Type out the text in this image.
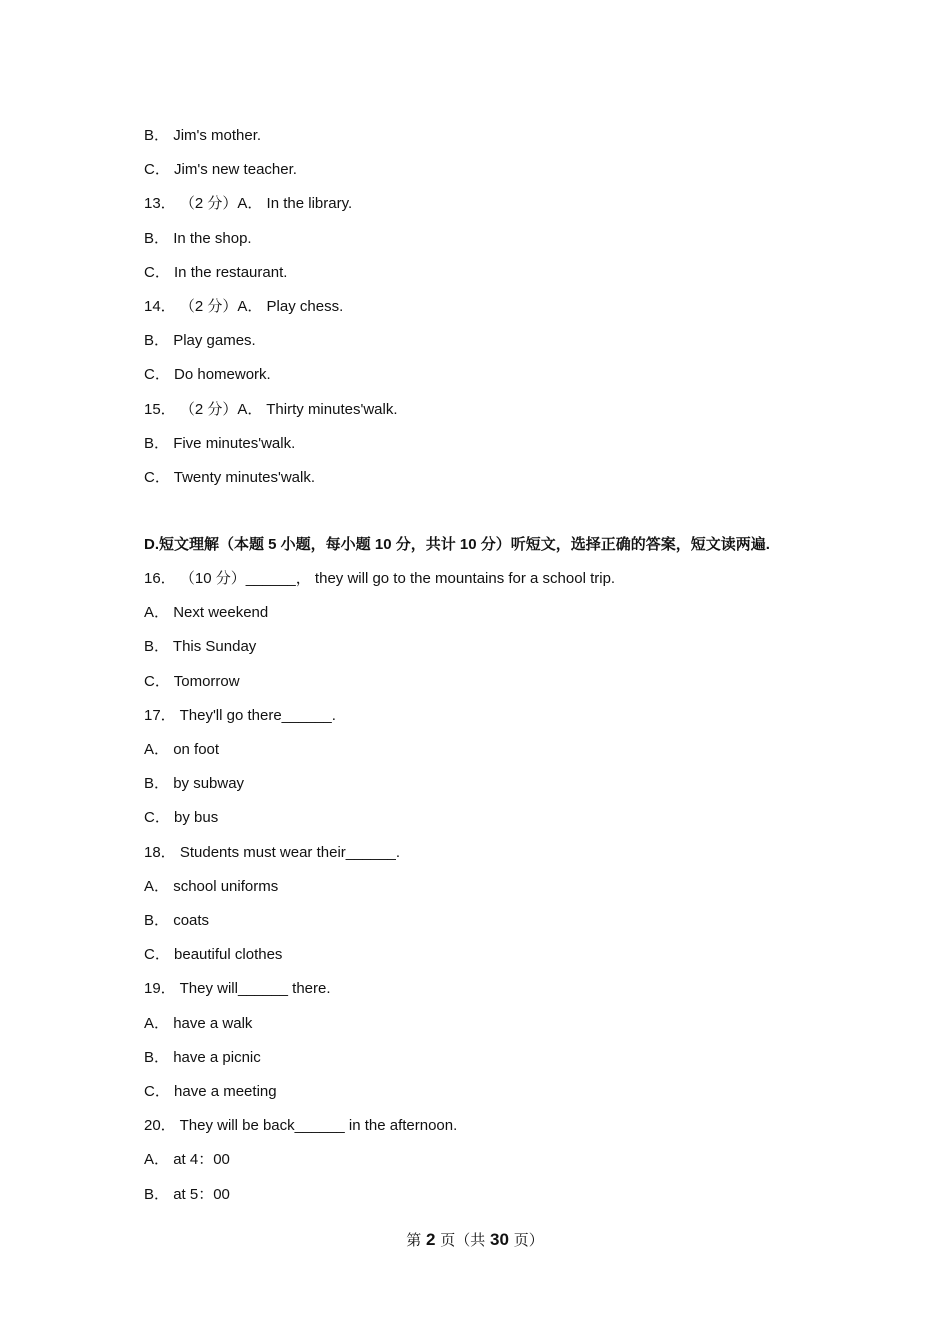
B． Jim's mother.
C． Jim's new teacher.
13． （2 分）A． In the library.
B． In the shop.
C． In the restaurant.
14． （2 分）A． Play chess.
B． Play games.
C． Do homework.
15． （2 分）A． Thirty minutes'walk.
B． Five minutes'walk.
C． Twenty minutes'walk.
D.短文理解（本题 5 小题，每小题 10 分，共计 10 分）听短文，选择正确的答案，短文读两遍.
16． （10 分）______， they will go to the mountains for a school trip.
A． Next weekend
B． This Sunday
C． Tomorrow
17． They'll go there______.
A． on foot
B． by subway
C． by bus
18． Students must wear their______.
A． school uniforms
B． coats
C． beautiful clothes
19． They will______ there.
A． have a walk
B． have a picnic
C． have a meeting
20． They will be back______ in the afternoon.
A． at 4：00
B． at 5：00
第 2 页（共 30 页）
